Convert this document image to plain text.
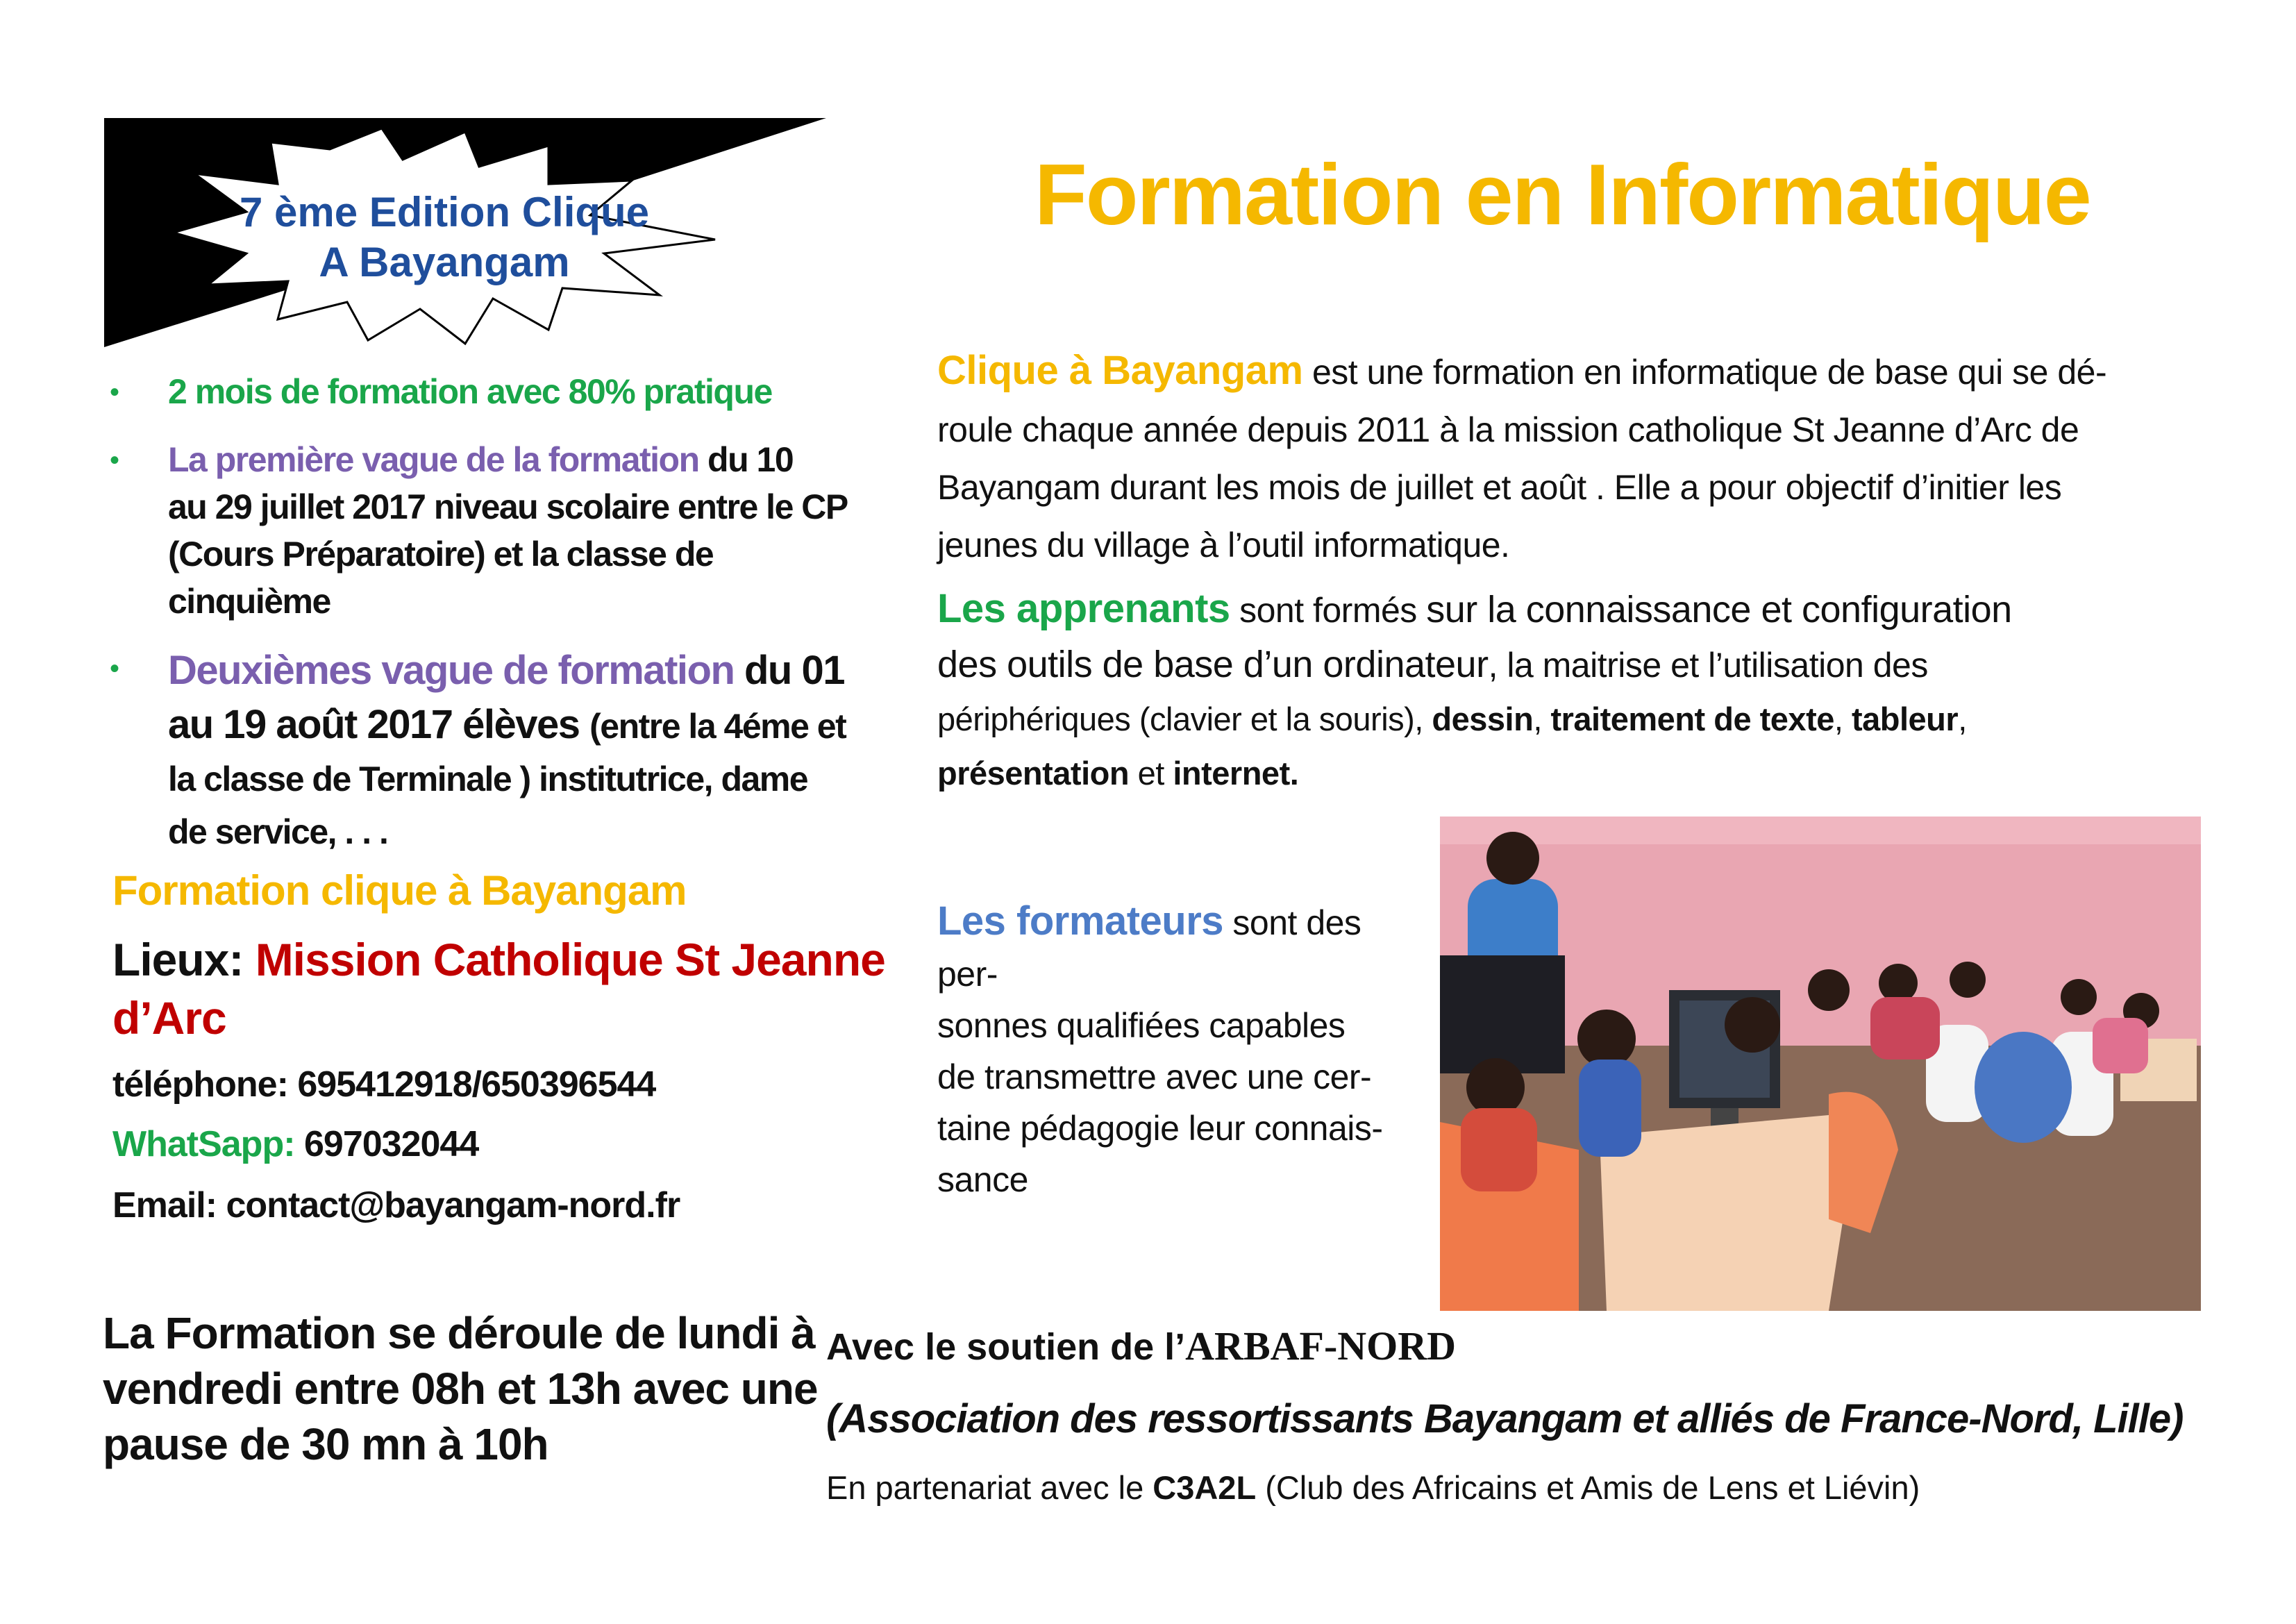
7 ème Edition Clique
A Bayangam
•	2 mois de formation avec 80% pratique
•	La première vague de la formation du 10
au 29 juillet 2017 niveau scolaire entre le CP
(Cours Préparatoire) et la classe de cinquième
•	Deuxièmes vague de formation du 01
au 19 août 2017 élèves (entre la 4éme et
la classe de Terminale ) institutrice, dame
de service, . . .
Formation clique à Bayangam
Lieux: Mission Catholique St Jeanne
d’Arc
téléphone: 695412918/650396544
WhatSapp: 697032044
Email: contact@bayangam-nord.fr
Formation en Informatique
Clique à Bayangam est une formation en informatique de base qui se dé-
roule chaque année depuis 2011 à la mission catholique St Jeanne d’Arc de
Bayangam durant les mois de juillet et août . Elle a pour objectif d’initier les
jeunes du village à l’outil informatique.
Les apprenants sont formés sur la connaissance et configuration
des outils de base d’un ordinateur, la maitrise et l’utilisation des
périphériques (clavier et la souris), dessin, traitement de texte, tableur,
présentation et internet.
Les formateurs sont des per-
sonnes qualifiées capables
de transmettre avec une cer-
taine pédagogie leur connais-
sance
La Formation se déroule de lundi à
vendredi entre 08h et 13h avec une
pause de 30 mn à 10h
Avec le soutien de l’ARBAF-NORD
(Association des ressortissants Bayangam et alliés de France-Nord, Lille)
En partenariat avec le C3A2L (Club des Africains et Amis de Lens et Liévin)
